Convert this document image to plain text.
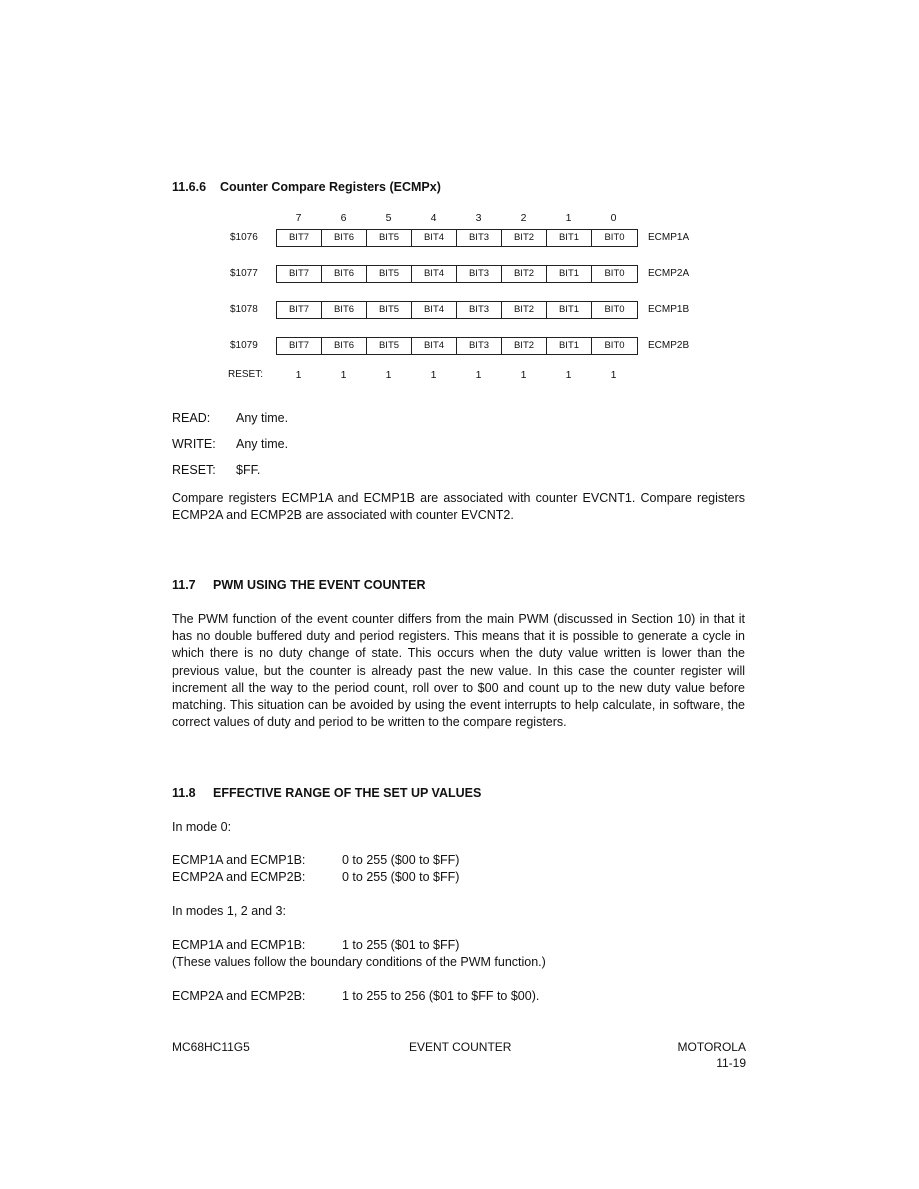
11.6.6 Counter Compare Registers (ECMPx)
7	6	5	4	3	2	1	0
$1076	BIT7	BIT6	BIT5	BIT4	BIT3	BIT2	BIT1	BIT0	ECMP1A
$1077	BIT7	BIT6	BIT5	BIT4	BIT3	BIT2	BIT1	BIT0	ECMP2A
$1078	BIT7	BIT6	BIT5	BIT4	BIT3	BIT2	BIT1	BIT0	ECMP1B
$1079	BIT7	BIT6	BIT5	BIT4	BIT3	BIT2	BIT1	BIT0	ECMP2B
RESET:	1	1	1	1	1	1	1	1
READ: Any time.
WRITE: Any time.
RESET: $FF.
Compare registers ECMP1A and ECMP1B are associated with counter EVCNT1. Compare registers ECMP2A and ECMP2B are associated with counter EVCNT2.
11.7 PWM USING THE EVENT COUNTER
The PWM function of the event counter differs from the main PWM (discussed in Section 10) in that it has no double buffered duty and period registers. This means that it is possible to generate a cycle in which there is no duty change of state. This occurs when the duty value written is lower than the previous value, but the counter is already past the new value. In this case the counter register will increment all the way to the period count, roll over to $00 and count up to the new duty value before matching. This situation can be avoided by using the event interrupts to help calculate, in software, the correct values of duty and period to be written to the compare registers.
11.8 EFFECTIVE RANGE OF THE SET UP VALUES
In mode 0:
ECMP1A and ECMP1B:	0 to 255 ($00 to $FF)
ECMP2A and ECMP2B:	0 to 255 ($00 to $FF)
In modes 1, 2 and 3:
ECMP1A and ECMP1B:	1 to 255 ($01 to $FF)
(These values follow the boundary conditions of the PWM function.)
ECMP2A and ECMP2B:	1 to 255 to 256 ($01 to $FF to $00).
MC68HC11G5	EVENT COUNTER	MOTOROLA
11-19
